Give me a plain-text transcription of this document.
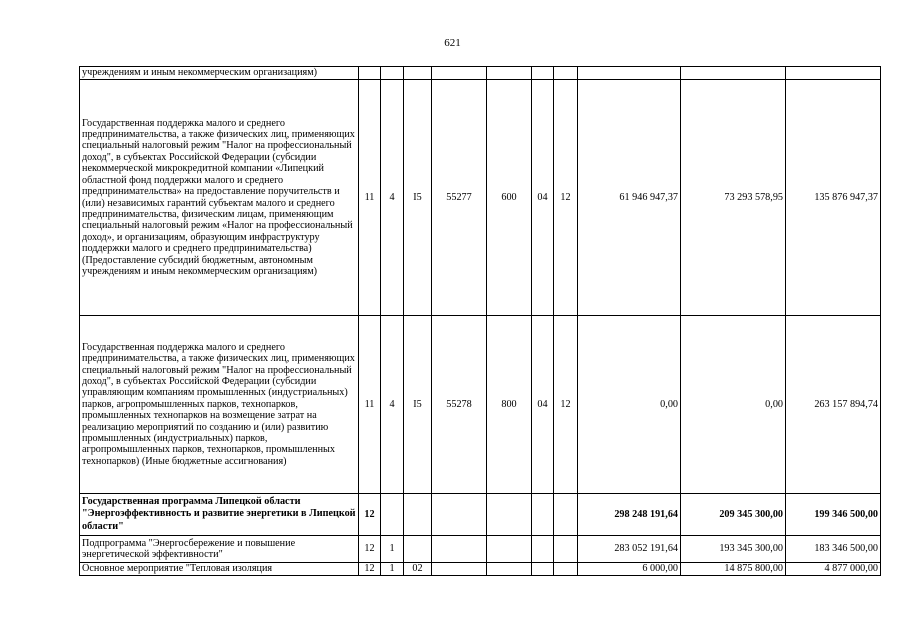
621
учреждениям и иным некоммерческим организациям)										
Государственная поддержка малого и среднего предпринимательства, а также физических лиц, применяющих специальный налоговый режим "Налог на профессиональный доход", в субъектах Российской Федерации (субсидии некоммерческой микрокредитной компании «Липецкий областной фонд поддержки малого и среднего предпринимательства» на предоставление поручительств и (или) независимых гарантий субъектам малого и среднего предпринимательства, физическим лицам, применяющим специальный налоговый режим «Налог на профессиональный доход», и организациям, образующим инфраструктуру поддержки малого и среднего предпринимательства) (Предоставление субсидий бюджетным, автономным учреждениям и иным некоммерческим организациям)	11	4	I5	55277	600	04	12	61 946 947,37	73 293 578,95	135 876 947,37
Государственная поддержка малого и среднего предпринимательства, а также физических лиц, применяющих специальный налоговый режим "Налог на профессиональный доход", в субъектах Российской Федерации (субсидии управляющим компаниям промышленных (индустриальных) парков, агропромышленных парков, технопарков, промышленных технопарков на возмещение затрат на реализацию мероприятий по созданию и (или) развитию промышленных (индустриальных) парков, агропромышленных парков, технопарков, промышленных технопарков) (Иные бюджетные ассигнования)	11	4	I5	55278	800	04	12	0,00	0,00	263 157 894,74
Государственная программа Липецкой области "Энергоэффективность и развитие энергетики в Липецкой области"	12							298 248 191,64	209 345 300,00	199 346 500,00
Подпрограмма "Энергосбережение и повышение энергетической эффективности"	12	1						283 052 191,64	193 345 300,00	183 346 500,00
Основное мероприятие "Тепловая изоляция	12	1	02					6 000,00	14 875 800,00	4 877 000,00
